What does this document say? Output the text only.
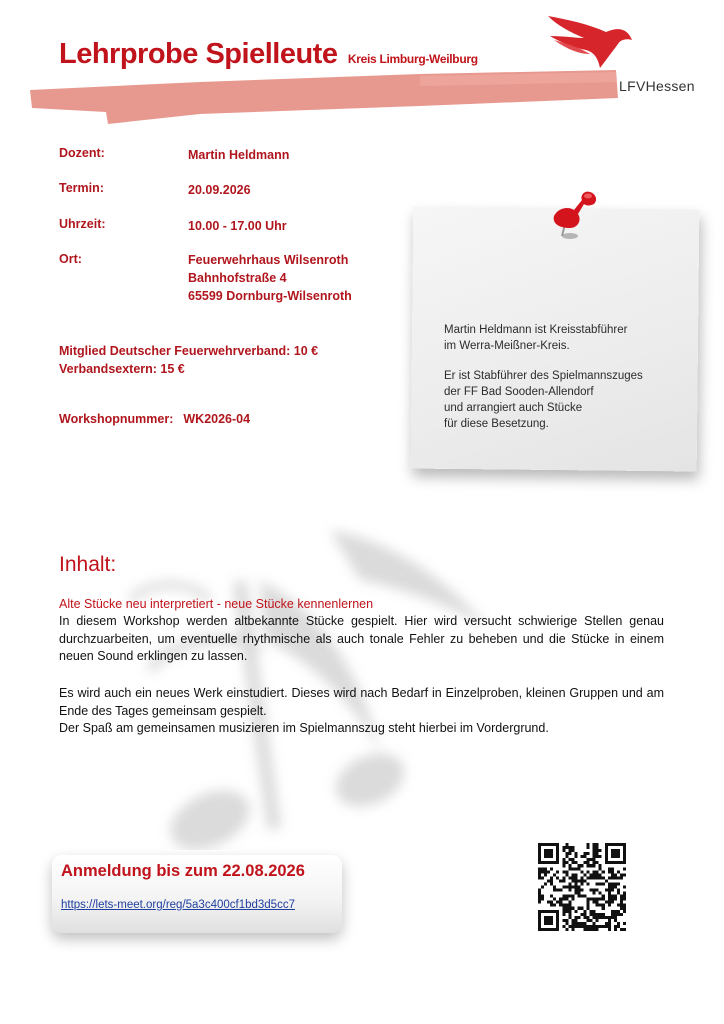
Lehrprobe Spielleute Kreis Limburg-Weilburg
LFVHessen
Dozent:	Martin Heldmann
Termin:	20.09.2026
Uhrzeit:	10.00 - 17.00 Uhr
Ort:	Feuerwehrhaus Wilsenroth
Bahnhofstraße 4
65599 Dornburg-Wilsenroth
Mitglied Deutscher Feuerwehrverband: 10 €
Verbandsextern: 15 €
Workshopnummer: WK2026-04
Martin Heldmann ist Kreisstabführer
im Werra-Meißner-Kreis.
Er ist Stabführer des Spielmannszuges
der FF Bad Sooden-Allendorf
und arrangiert auch Stücke
für diese Besetzung.
Inhalt:
Alte Stücke neu interpretiert - neue Stücke kennenlernen

In diesem Workshop werden altbekannte Stücke gespielt. Hier wird versucht schwierige Stellen genau durchzuarbeiten, um eventuelle rhythmische als auch tonale Fehler zu beheben und die Stücke in einem neuen Sound erklingen zu lassen.

Es wird auch ein neues Werk einstudiert. Dieses wird nach Bedarf in Einzelproben, kleinen Gruppen und am Ende des Tages gemeinsam gespielt.

Der Spaß am gemeinsamen musizieren im Spielmannszug steht hierbei im Vordergrund.

Anmeldung bis zum 22.08.2026
https://lets-meet.org/reg/5a3c400cf1bd3d5cc7
